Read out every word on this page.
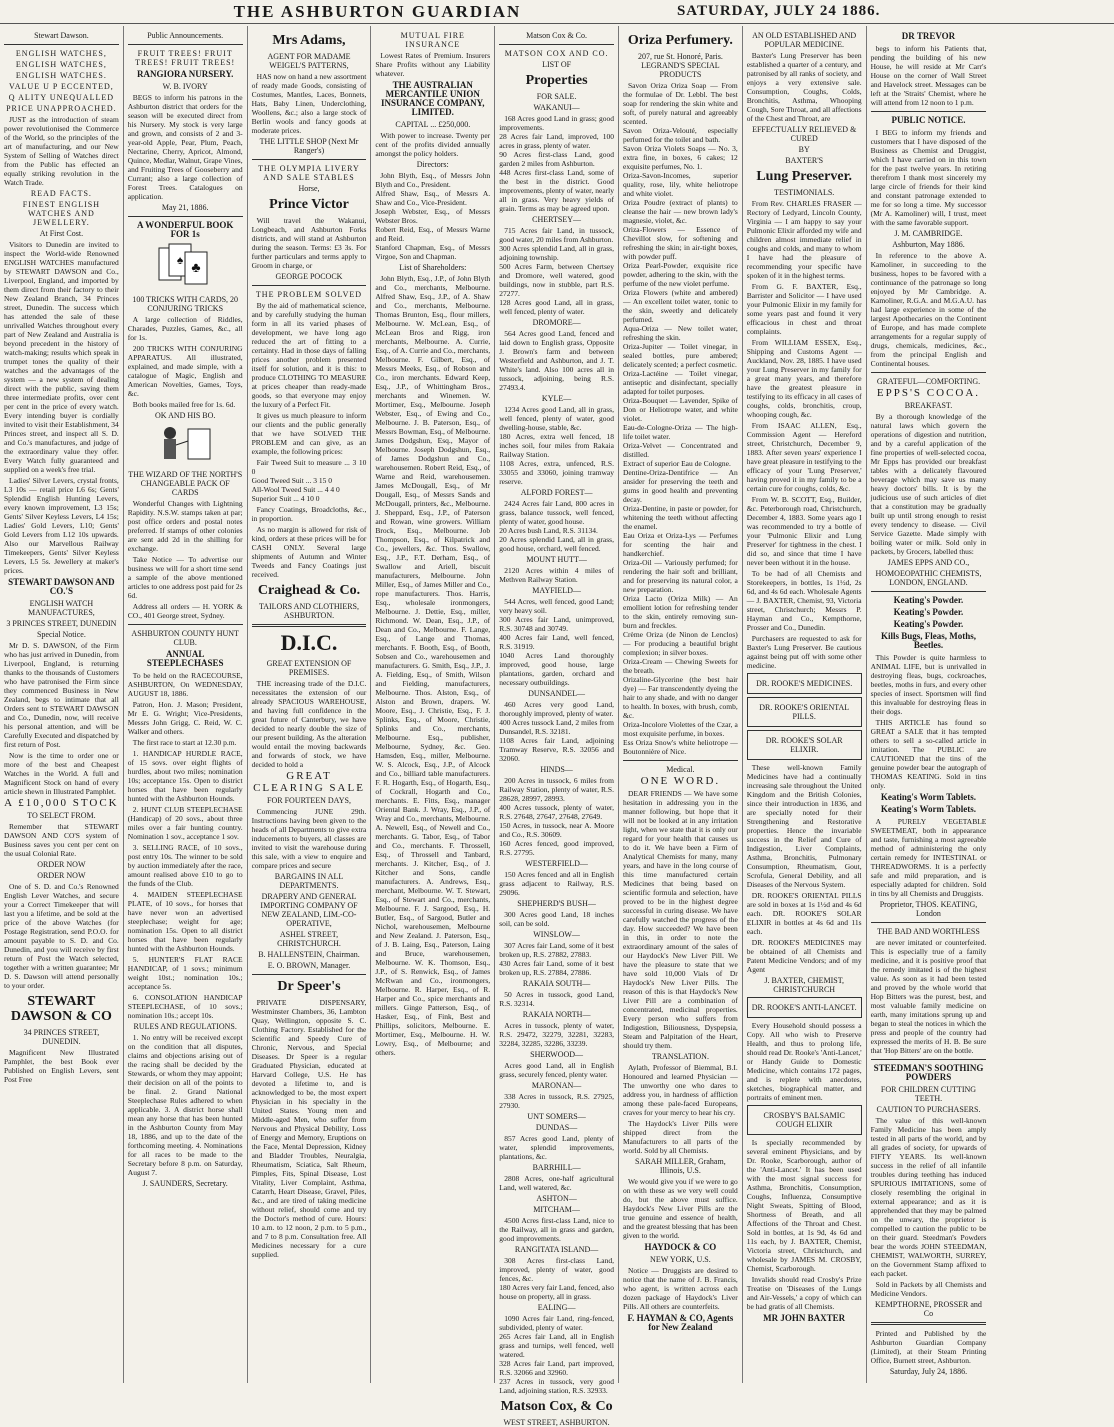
THE ASHBURTON GUARDIAN	SATURDAY, JULY 24 1886.
Stewart Dawson.
ENGLISH WATCHES,
ENGLISH WATCHES,
ENGLISH WATCHES.
VALUE U P ECCENTED,
Q ALITY UNEQUALLED
PRICE UNAPPROACHED.

JUST as the introduction of steam power revolutionised the Commerce of the World, so the principles of the art of manufacturing, and our New System of Selling of Watches direct from the Public has effected an equally striking revolution in the Watch Trade.

READ FACTS.
FINEST ENGLISH WATCHES AND JEWELLERY.
At First Cost.

Visitors to Dunedin are invited to inspect the World-wide Renowned ENGLISH WATCHES manufactured by STEWART DAWSON and Co., Liverpool, England, and imported by them direct from their factory to their New Zealand Branch, 34 Princes street, Dunedin. The success which has attended the sale of these unrivalled Watches throughout every part of New Zealand and Australia is beyond precedent in the history of watch-making; results which speak in trumpet tones the quality of their watches and the advantages of the system — a new system of dealing direct with the public, saving them three intermediate profits, over cent per cent in the price of every watch. Every intending buyer is cordially invited to visit their Establishment, 34 Princes street, and inspect all S. D. and Co.'s manufactures, and judge of the extraordinary value they offer. Every Watch fully guaranteed and supplied on a week's free trial.

Ladies' Silver Levers, crystal fronts, L3 10s — retail price L6 6s; Gents' Splendid English Hunting Levers, every known improvement, L3 15s; Gents' Silver Keyless Levers, L4 15s; Ladies' Gold Levers, L10; Gents' Gold Levers from L12 10s upwards. Also our Marvellous Railway Timekeepers, Gents' Silver Keyless Levers, L5 5s. Jewellery at maker's prices.

STEWART DAWSON AND CO.'S
ENGLISH WATCH MANUFACTURES,
3 PRINCES STREET, DUNEDIN
Special Notice.

Mr D. S. DAWSON, of the Firm who has just arrived in Dunedin, from Liverpool, England, is returning thanks to the thousands of Customers who have patronised the Firm since they commenced Business in New Zealand, begs to intimate that all Orders sent to STEWART DAWSON and Co., Dunedin, now, will receive his personal attention, and will be Carefully Executed and dispatched by first return of Post.

Now is the time to order one or more of the best and Cheapest Watches in the World. A full and Magnificent Stock on hand of every article shewn in Illustrated Pamphlet.

A £10,000 STOCK
TO SELECT FROM.

Remember that STEWART DAWSON AND CO'S system of Business saves you cent per cent on the usual Colonial Rate.

ORDER NOW
ORDER NOW

One of S. D. and Co.'s Renowned English Lever Watches, and secure your a Correct Timekeeper that will last you a lifetime, and be sold at the price of the above Watches (for Postage Registration, send P.O.O. for amount payable to S. D. and Co. Dunedin, and you will receive by first return of Post the Watch selected, together with a written guarantee; Mr D. S. Dawson will attend personally to your order.

STEWART DAWSON & CO
34 PRINCES STREET, DUNEDIN.

Magnificent New Illustrated Pamphlet, the best Book ever Published on English Levers, sent Post Free

Public Announcements.
FRUIT TREES! FRUIT TREES! FRUIT TREES!
RANGIORA NURSERY.
W. B. IVORY

BEGS to inform his patrons in the Ashburton district that orders for the season will be executed direct from his Nursery. My stock is very large and grown, and consists of 2 and 3-year-old Apple, Pear, Plum, Peach, Nectarine, Cherry, Apricot, Almond, Quince, Medlar, Walnut, Grape Vines, and Fruiting Trees of Gooseberry and Currant; also a large collection of Forest Trees. Catalogues on application.

May 21, 1886.
A WONDERFUL BOOK FOR 1s
♣
♠
100 TRICKS WITH CARDS, 20 CONJURING TRICKS

A large collection of Riddles, Charades, Puzzles, Games, &c., all for 1s.

200 TRICKS WITH CONJURING APPARATUS. All illustrated, explained, and made simple, with a catalogue of Magic, English and American Novelties, Games, Toys, &c.

Both books mailed free for 1s. 6d.

OK AND HIS BO.
THE WIZARD OF THE NORTH'S CHANGEABLE PACK OF CARDS

Wonderful Changes with Lightning Rapidity. N.S.W. stamps taken at par; post office orders and postal notes preferred. If stamps of other colonies are sent add 2d in the shilling for exchange.

Take Notice — To advertise our business we will for a short time send a sample of the above mentioned articles to one address post paid for 2s 6d.

Address all orders — H. YORK & CO., 401 George street, Sydney.

ASHBURTON COUNTY HUNT CLUB.
ANNUAL STEEPLECHASES

To be held on the RACECOURSE, ASHBURTON, On WEDNESDAY, AUGUST 18, 1886.

Patron, Hon. J. Mason; President, Mr E. G. Wright; Vice-Presidents, Messrs John Grigg, C. Reid, W. C. Walker and others.

The first race to start at 12.30 p.m.

1. HANDICAP HURDLE RACE, of 15 sovs. over eight flights of hurdles, about two miles; nomination 10s; acceptance 15s. Open to district horses that have been regularly hunted with the Ashburton Hounds.

2. HUNT CLUB STEEPLECHASE (Handicap) of 20 sovs., about three miles over a fair hunting country. Nomination 1 sov., acceptance 1 sov.

3. SELLING RACE, of 10 sovs., post entry 10s. The winner to be sold by auction immediately after the race, amount realised above £10 to go to the funds of the Club.

4. MAIDEN STEEPLECHASE PLATE, of 10 sovs., for horses that have never won an advertised steeplechase; weight for age; nomination 15s. Open to all district horses that have been regularly hunted with the Ashburton Hounds.

5. HUNTER'S FLAT RACE HANDICAP, of 1 sovs.; minimum weight 10st.; nomination 10s.; acceptance 5s.

6. CONSOLATION HANDICAP STEEPLECHASE, of 10 sovs.; nomination 10s.; accept 10s.

RULES AND REGULATIONS.

1. No entry will be received except on the condition that all disputes, claims and objections arising out of the racing shall be decided by the Stewards, or whom they may appoint; their decision on all of the points to be final. 2. Grand National Steeplechase Rules adhered to when applicable. 3. A district horse shall mean any horse that has been hunted in the Ashburton County from May 18, 1886, and up to the date of the forthcoming meeting. 4. Nominations for all races to be made to the Secretary before 8 p.m. on Saturday, August 7.

J. SAUNDERS, Secretary.
Mrs Adams,
AGENT FOR MADAME WEIGEL'S PATTERNS,

HAS now on hand a new assortment of ready made Goods, consisting of Costumes, Mantles, Laces, Bonnets, Hats, Baby Linen, Underclothing, Woollens, &c.; also a large stock of Berlin wools and fancy goods at moderate prices.

THE LITTLE SHOP (Next Mr Ranger's)
THE OLYMPIA LIVERY AND SALE STABLES
Horse,
Prince Victor

Will travel the Wakanui, Longbeach, and Ashburton Forks districts, and will stand at Ashburton during the season. Terms: £3 3s. For further particulars and terms apply to Groom in charge, or

GEORGE POCOCK
THE PROBLEM SOLVED

By the aid of mathematical science, and by carefully studying the human form in all its varied phases of development, we have long ago reduced the art of fitting to a certainty. Had in those days of falling prices another problem presented itself for solution, and it is this: to produce CLOTHING TO MEASURE at prices cheaper than ready-made goods, so that everyone may enjoy the luxury of a Perfect Fit.

It gives us much pleasure to inform our clients and the public generally that we have SOLVED THE PROBLEM and can give, as an example, the following prices:

Fair Tweed Suit to measure ... 3 10 0
Good Tweed Suit ... 3 15 0
All-Wool Tweed Suit ... 4 4 0
Superior Suit ... 4 10 0

Fancy Coatings, Broadcloths, &c., in proportion.

As no margin is allowed for risk of kind, orders at these prices will be for CASH ONLY. Several large shipments of Autumn and Winter Tweeds and Fancy Coatings just received.

Craighead & Co.
TAILORS AND CLOTHIERS, ASHBURTON.
D.I.C.
GREAT EXTENSION OF PREMISES.

THE increasing trade of the D.I.C. necessitates the extension of our already SPACIOUS WAREHOUSE, and having full confidence in the great future of Canterbury, we have decided to nearly double the size of our present building. As the alteration would entail the moving backwards and forwards of stock, we have decided to hold a

GREAT
CLEARING SALE
FOR FOURTEEN DAYS,

Commencing JUNE 29th. Instructions having been given to the heads of all Departments to give extra inducements to buyers, all classes are invited to visit the warehouse during this sale, with a view to enquire and compare prices and secure

BARGAINS IN ALL DEPARTMENTS.
DRAPERY AND GENERAL IMPORTING COMPANY OF NEW ZEALAND, LIM.-CO-OPERATIVE,
ASHEL STREET, CHRISTCHURCH.
B. HALLENSTEIN, Chairman.
E. O. BROWN, Manager.
Dr Speer's

PRIVATE DISPENSARY, Westminster Chambers, 36, Lambton Quay, Wellington, opposite S. C. Clothing Factory. Established for the Scientific and Speedy Cure of Chronic, Nervous, and Special Diseases. Dr Speer is a regular Graduated Physician, educated at Harvard College, U.S. He has devoted a lifetime to, and is acknowledged to be, the most expert Physician in his specialty in the United States. Young men and Middle-aged Men, who suffer from Nervous and Physical Debility, Loss of Energy and Memory, Eruptions on the Face, Mental Depression, Kidney and Bladder Troubles, Neuralgia, Rheumatism, Sciatica, Salt Rheum, Pimples, Fits, Spinal Disease, Lost Vitality, Liver Complaint, Asthma, Catarrh, Heart Disease, Gravel, Piles, &c., and are tired of taking medicine without relief, should come and try the Doctor's method of cure. Hours: 10 a.m. to 12 noon, 2 p.m. to 5 p.m., and 7 to 8 p.m. Consultation free. All Medicines necessary for a cure supplied.

MUTUAL FIRE INSURANCE

Lowest Rates of Premium. Insurers Share Profits without any Liability whatever.

THE AUSTRALIAN MERCANTILE UNION INSURANCE COMPANY, LIMITED.
CAPITAL ... £250,000.

With power to increase. Twenty per cent of the profits divided annually amongst the policy holders.

Directors:

John Blyth, Esq., of Messrs John Blyth and Co., President.
Alfred Shaw, Esq., of Messrs A. Shaw and Co., Vice-President.
Joseph Webster, Esq., of Messrs Webster Bros.
Robert Reid, Esq., of Messrs Warne and Reid.
Stanford Chapman, Esq., of Messrs Virgoe, Son and Chapman.

List of Shareholders:

John Blyth, Esq., J.P., of John Blyth and Co., merchants, Melbourne. Alfred Shaw, Esq., J.P., of A. Shaw and Co., merchants, Melbourne. Thomas Brunton, Esq., flour millers, Melbourne. W. McLean, Esq., of McLean Bros and Rigg, iron merchants, Melbourne. A. Currie, Esq., of A. Currie and Co., merchants, Melbourne. F. Gilbert, Esq., of Messrs Meeks, Esq., of Robson and Co., iron merchants. Edward Keep, Esq., J.P., of Whittingham Bros., merchants and Winemen. W. Mortimer, Esq., Melbourne. Joseph Webster, Esq., of Ewing and Co., Melbourne. J. B. Paterson, Esq., of Messrs Bowman, Esq., of Melbourne. James Dodgshun, Esq., Mayor of Melbourne. Joseph Dodgshun, Esq., of James Dodgshun and Co., warehousemen. Robert Reid, Esq., of Warne and Reid, warehousemen. James McDougall, Esq., of Mr Dougall, Esq., of Messrs Sands and McDougall, printers, &c., Melbourne. J. Sheppard, Esq., J.P., of Paterson and Rowan, wine growers. William Brock, Esq., Melbourne. Job Thompson, Esq., of Kilpatrick and Co., jewellers, &c. Thos. Swallow, Esq., J.P., F.T. Derham, Esq., of Swallow and Ariell, biscuit manufacturers, Melbourne. John Miller, Esq., of James Miller and Co., rope manufacturers. Thos. Harris, Esq., wholesale ironmongers, Melbourne. J. Dettie, Esq., miller, Richmond. W. Dean, Esq., J.P., of Dean and Co., Melbourne. F. Lange, Esq., of Lange and Thomas, merchants. F. Booth, Esq., of Booth, Sobsen and Co., warehousemen and manufacturers. G. Smith, Esq., J.P., J. A. Fielding, Esq., of Smith, Wilson and Fielding, manufacturers, Melbourne. Thos. Alston, Esq., of Alston and Brown, drapers. W. Moore, Esq., J. Christie, Esq., F. J. Splinks, Esq., of Moore, Christie, Splinks and Co., merchants, Melbourne. Esq., publisher, Melbourne, Sydney, &c. Geo. Hamsden, Esq., miller, Melbourne. W. S. Alcock, Esq., J.P., of Alcock and Co., billiard table manufacturers. F. R. Hogarth, Esq., of Hogarth, Esq., of Cockrall, Hogarth and Co., merchants. E. Fitts, Esq., manager Oriental Bank. J. Wray, Esq., J.P., of Wray and Co., merchants, Melbourne. A. Newell, Esq., of Newell and Co., merchants. G. Tabor, Esq., of Tabor and Co., merchants. F. Throssell, Esq., of Throssell and Tanbard, merchants. J. Kitcher, Esq., of J. Kitcher and Sons, candle manufacturers. A. Andrews, Esq., merchant, Melbourne. W. T. Stewart, Esq., of Stewart and Co., merchants, Melbourne. F. J. Sargood, Esq., H. Butler, Esq., of Sargood, Butler and Nichol, warehousemen, Melbourne and New Zealand. J. Paterson, Esq., of J. B. Laing, Esq., Paterson, Laing and Bruce, warehousemen, Melbourne. W. K. Thomson, Esq., J.P., of S. Renwick, Esq., of James McRwan and Co., ironmongers, Melbourne. R. Harper, Esq., of R. Harper and Co., spice merchants and millers. Ginge Patterson, Esq., of Hasker, Esq., of Fink, Best and Phillips, solicitors, Melbourne. E. Mortimer, Esq., Melbourne. H. W. Lowry, Esq., of Melbourne; and others.

Matson Cox & Co.
MATSON COX AND CO.
LIST OF
Properties
FOR SALE.
WAKANUI—

168 Acres good Land in grass; good improvements.
28 Acres fair Land, improved, 100 acres in grass, plenty of water.
90 Acres first-class Land, good garden 2 miles from Ashburton.
448 Acres first-class Land, some of the best in the district. Good improvements, plenty of water, nearly all in grass. Very heavy yields of grain. Terms as may be agreed upon.

CHERTSEY—

715 Acres fair Land, in tussock, good water, 20 miles from Ashburton.
300 Acres splendid Land, all in grass, adjoining township.
500 Acres Farm, between Chertsey and Dromore, well watered, good buildings, now in stubble, part R.S. 27277.
128 Acres good Land, all in grass, well fenced, plenty of water.

DROMORE—

564 Acres good Land, fenced and laid down to English grass, Opposite J. Brown's farm and between Westerfield and Ashburton, and J. T. White's land. Also 100 acres all in tussock, adjoining, being R.S. 27493.4.

KYLE—

1234 Acres good Land, all in grass, well fenced, plenty of water, good dwelling-house, stable, &c.
180 Acres, extra well fenced, 18 inches soil, four miles from Rakaia Railway Station.
1108 Acres, extra, unfenced, R.S. 33055 and 33060, joining tramway reserve.

ALFORD FOREST—

2424 Acres fair Land, 800 acres in grass, balance tussock, well fenced, plenty of water, good house.
20 Acres bush Land, R.S. 31134.
20 Acres splendid Land, all in grass, good house, orchard, well fenced.

MOUNT HUTT—

2120 Acres within 4 miles of Methven Railway Station.

MAYFIELD—

544 Acres, well fenced, good Land; very heavy soil.
300 Acres fair Land, unimproved, R.S. 30748 and 30749.
400 Acres fair Land, well fenced, R.S. 31919.
1040 Acres Land thoroughly improved, good house, large plantations, garden, orchard and necessary outbuildings.

DUNSANDEL—

460 Acres very good Land, thoroughly improved, plenty of water.
400 Acres tussock Land, 2 miles from Dunsandel, R.S. 32181.
1108 Acres fair Land, adjoining Tramway Reserve, R.S. 32056 and 32060.

HINDS—

200 Acres in tussock, 6 miles from Railway Station, plenty of water, R.S. 28628, 28997, 28993.
400 Acres tussock, plenty of water, R.S. 27648, 27647, 27648, 27649.
150 Acres, in tussock, near A. Moore and Co., R.S. 30609.
160 Acres fenced, good improved, R.S. 27795.

WESTERFIELD—

150 Acres fenced and all in English grass adjacent to Railway, R.S. 29096.

SHEPHERD'S BUSH—

300 Acres good Land, 18 inches soil, can be sold.

WINSLOW—

307 Acres fair Land, some of it best broken up, R.S. 27882, 27883.
430 Acres fair Land, some of it best broken up, R.S. 27884, 27886.

RAKAIA SOUTH—

50 Acres in tussock, good Land, R.S. 32314.

RAKAIA NORTH—

Acres in tussock, plenty of water, R.S. 29472, 32279, 32281, 32283, 32284, 32285, 32286, 33239.

SHERWOOD—

Acres good Land, all in English grass, securely fenced, plenty water.

MARONAN—

338 Acres in tussock, R.S. 27925, 27930.

UNT SOMERS—
DUNDAS—

857 Acres good Land, plenty of water, splendid improvements, plantations, &c.

BARRHILL—

2808 Acres, one-half agricultural Land, well watered, &c.

ASHTON—
MITCHAM—

4500 Acres first-class Land, nice to the Railway, all in grass and garden, good improvements.

RANGITATA ISLAND—

308 Acres first-class Land, improved, plenty of water, good fences, &c.
180 Acres very fair Land, fenced, also house on property, all in grass.

EALING—

1090 Acres fair Land, ring-fenced, subdivided, plenty of water.
265 Acres fair Land, all in English grass and turnips, well fenced, well watered.
328 Acres fair Land, part improved, R.S. 32066 and 32960.
237 Acres in tussock, very good Land, adjoining station, R.S. 32933.

Matson Cox, & Co
WEST STREET, ASHBURTON.
Oriza Perfumery.
207, rue St. Honoré, Paris. LEGRAND'S SPECIAL PRODUCTS

Savon Oriza Oriza Soap — From the formulae of Dr. Lebbl. The best soap for rendering the skin white and soft, of purely natural and agreeably scented.
Savon Oriza-Velouté, especially perfumed for the toilet and bath.
Savon Oriza Violets Soaps — No. 3, extra fine, in boxes, 6 cakes; 12 exquisite perfumes, No. 1.
Oriza-Savon-Incomes, superior quality, rose, lily, white heliotrope and white violet.
Oriza Poudre (extract of plants) to cleanse the hair — new brown lady's magnesie, violet, &c.
Oriza-Flowers — Essence of Chevillot slow, for softening and refreshing the skin; in air-tight boxes, with powder puff.
Oriza Pearl-Powder, exquisite rice powder, adhering to the skin, with the perfume of the new violet perfume.
Oriza Flowers (white and ambered) — An excellent toilet water, tonic to the skin, sweetly and delicately perfumed.
Aqua-Oriza — New toilet water, refreshing the skin.
Oriza-Jupiter — Toilet vinegar, in sealed bottles, pure ambered; delicately scented; a perfect cosmetic.
Oriza-Lactéine — Toilet vinegar, antiseptic and disinfectant, specially adapted for toilet purposes.
Oriza-Bouquet — Lavender, Spike of Don or Heliotrope water, and white violet.
Eau-de-Cologne-Oriza — The high-life toilet water.
Oriza-Velvet — Concentrated and distilled.
Extract of superior Eau de Cologne.
Dentine-Oriza-Dentifrice — An ansider for preserving the teeth and gums in good health and preventing decay.
Oriza-Dentine, in paste or powder, for whitening the teeth without affecting the enamel.
Eau Oriza et Oriza-Lys — Perfumes for scenting the hair and handkerchief.
Oriza-Oil — Variously perfumed; for rendering the hair soft and brilliant, and for preserving its natural color, a new preparation.
Oriza Lacto (Oriza Milk) — An emollient lotion for refreshing tender to the skin, entirely removing sun-burn and freckles.
Crème Oriza (de Ninon de Lenclos) — For producing a beautiful bright complexion; in silver boxes.
Oriza-Cream — Chewing Sweets for the breath.
Orizaline-Glycerine (the best hair dye) — Far transcendently dyeing the hair to any shade, and with no danger to health. In boxes, with brush, comb, &c.
Oriza-Incolore Violettes of the Czar, a most exquisite perfume, in boxes.
Ess Oriza Snow's white heliotrope — Boutonnière of Nice.

Medical.
ONE WORD.

DEAR FRIENDS — We have some hesitation in addressing you in the manner following, but hope that it will not be looked at in any irritation light, when we state that it is only our regard for your health that causes us to do it. We have been a Firm of Analytical Chemists for many, many years, and have in the long course of this time manufactured certain Medicines that being based on scientific formula and selection, have proved to be in the highest degree successful in curing disease. We have carefully watched the progress of the day. How succeeded? We have been in this, in order to note the extraordinary amount of the sales of our Haydock's New Liver Pill. We have the pleasure to state that we have sold 10,000 Vials of Dr Haydock's New Liver Pills. The reason of this is that Haydock's New Liver Pill are a combination of concentrated, medicinal properties. Every person who suffers from Indigestion, Biliousness, Dyspepsia, Steam and Palpitation of the Heart, should try them.

TRANSLATION.

Aylath, Professor of Biemmal, B.I. Honoured and learned Physician — The unworthy one who dares to address you, in hardness of affliction among these pale-faced Europeans, craves for your mercy to hear his cry.

The Haydock's Liver Pills were shipped direct from the Manufacturers to all parts of the world. Sold by all Chemists.

SARAH MILLER, Graham, Illinois, U.S.

We would give you if we were to go on with these as we very well could do, but the above must suffice. Haydock's New Liver Pills are the true genuine and essence of health, and the greatest blessing that has been given to the world.

HAYDOCK & CO
NEW YORK, U.S.

Notice — Druggists are desired to notice that the name of J. B. Francis, who agent, is written across each dozen package of Haydock's Liver Pills. All others are counterfeits.

F. HAYMAN & CO, Agents for New Zealand
AN OLD ESTABLISHED AND POPULAR MEDICINE.

Baxter's Lung Preserver has been established a quarter of a century, and patronised by all ranks of society, and enjoys a very extensive sale. Consumption, Coughs, Colds, Bronchitis, Asthma, Whooping Cough, Sore Throat, and all affections of the Chest and Throat, are

EFFECTUALLY RELIEVED & CURED
BY
BAXTER'S
Lung Preserver.
TESTIMONIALS.

From Rev. CHARLES FRASER — Rectory of Ledyard, Lincoln County, Virginia — I am happy to say your Pulmonic Elixir afforded my wife and children almost immediate relief in coughs and colds, and many to whom I have had the pleasure of recommending your specific have spoken of it in the highest terms.

From G. F. BAXTER, Esq., Barrister and Solicitor — I have used your Pulmonic Elixir in my family for some years past and found it very efficacious in chest and throat complaints.

From WILLIAM ESSEX, Esq., Shipping and Customs Agent — Auckland, Nov. 28, 1885. I have used your Lung Preserver in my family for a great many years, and therefore have the greatest pleasure in testifying to its efficacy in all cases of coughs, colds, bronchitis, croup, whooping cough, &c.

From ISAAC ALLEN, Esq., Commission Agent — Hereford street, Christchurch, December 9, 1883. After seven years' experience I have great pleasure in testifying to the efficacy of your 'Lung Preserver,' having proved it in my family to be a certain cure for coughs, colds, &c.

From W. B. SCOTT, Esq., Builder, &c. Peterborough road, Christchurch, December 4, 1883. Some years ago I was recommended to try a bottle of your 'Pulmonic Elixir and Lung Preserver' for tightness in the chest. I did so, and since that time I have never been without it in the house.

To be had of all Chemists and Storekeepers, in bottles, 1s 1½d, 2s 6d, and 4s 6d each. Wholesale Agents — J. BAXTER, Chemist, 93, Victoria street, Christchurch; Messrs P. Hayman and Co., Kempthorne, Prosser and Co., Dunedin.

Purchasers are requested to ask for Baxter's Lung Preserver. Be cautious against being put off with some other medicine.

DR. ROOKE'S MEDICINES.
DR. ROOKE'S ORIENTAL PILLS.
DR. ROOKE'S SOLAR ELIXIR.

These well-known Family Medicines have had a continually increasing sale throughout the United Kingdom and the British Colonies, since their introduction in 1836, and are specially noted for their Strengthening and Restorative properties. Hence the invariable success in the Relief and Cure of Indigestion, Liver Complaints, Asthma, Bronchitis, Pulmonary Consumption, Rheumatism, Gout, Scrofula, General Debility, and all Diseases of the Nervous System.

DR. ROOKE'S ORIENTAL PILLS are sold in boxes at 1s 1½d and 4s 6d each. DR. ROOKE'S SOLAR ELIXIR in bottles at 4s 6d and 11s each.

DR. ROOKE'S MEDICINES may be obtained of all Chemists and Patent Medicine Vendors; and of my Agent

J. BAXTER, CHEMIST, CHRISTCHURCH
DR. ROOKE'S ANTI-LANCET.

Every Household should possess a Copy. All who wish to Preserve Health, and thus to prolong life, should read Dr. Rooke's 'Anti-Lancet,' or Handy Guide to Domestic Medicine, which contains 172 pages, and is replete with anecdotes, sketches, biographical matter, and portraits of eminent men.

CROSBY'S BALSAMIC COUGH ELIXIR

Is specially recommended by several eminent Physicians, and by Dr. Rooke, Scarborough, author of the 'Anti-Lancet.' It has been used with the most signal success for Asthma, Bronchitis, Consumption, Coughs, Influenza, Consumptive Night Sweats, Spitting of Blood, Shortness of Breath, and all Affections of the Throat and Chest. Sold in bottles, at 1s 9d, 4s 6d and 11s each, by J. BAXTER, Chemist, Victoria street, Christchurch, and wholesale by JAMES M. CROSBY, Chemist, Scarborough.

Invalids should read Crosby's Prize Treatise on 'Diseases of the Lungs and Air-Vessels,' a copy of which can be had gratis of all Chemists.

MR JOHN BAXTER
DR TREVOR

begs to inform his Patients that, pending the building of his new House, he will reside at Mr Carr's House on the corner of Wall Street and Havelock street. Messages can be left at the 'Straits' Chemist, where he will attend from 12 noon to 1 p.m.

PUBLIC NOTICE.

I BEG to inform my friends and customers that I have disposed of the Business as Chemist and Druggist, which I have carried on in this town for the past twelve years. In retiring therefrom I thank most sincerely my large circle of friends for their kind and constant patronage extended to me for so long a time. My successor (Mr A. Kamoliner) will, I trust, meet with the same favorable support.

J. M. CAMBRIDGE.
Ashburton, May 1886.

In reference to the above A. Kamoliner, in succeeding to the business, hopes to be favored with a continuance of the patronage so long enjoyed by Mr Cambridge. A. Kamoliner, R.G.A. and M.G.A.U. has had large experience in some of the largest Apothecaries on the Continent of Europe, and has made complete arrangements for a regular supply of drugs, chemicals, medicines, &c., from the principal English and Continental houses.

GRATEFUL—COMFORTING.
EPPS'S COCOA.
BREAKFAST.

By a thorough knowledge of the natural laws which govern the operations of digestion and nutrition, and by a careful application of the fine properties of well-selected cocoa, Mr Epps has provided our breakfast tables with a delicately flavoured beverage which may save us many heavy doctors' bills. It is by the judicious use of such articles of diet that a constitution may be gradually built up until strong enough to resist every tendency to disease. — Civil Service Gazette. Made simply with boiling water or milk. Sold only in packets, by Grocers, labelled thus:

JAMES EPPS AND CO.,
HOMOEOPATHIC CHEMISTS, LONDON, ENGLAND.
Keating's Powder.
Keating's Powder.
Keating's Powder.
Kills Bugs, Fleas, Moths, Beetles.

This Powder is quite harmless to ANIMAL LIFE, but is unrivalled in destroying fleas, bugs, cockroaches, beetles, moths in furs, and every other species of insect. Sportsmen will find this invaluable for destroying fleas in their dogs.

THIS ARTICLE has found so GREAT a SALE that it has tempted others to sell a so-called article in imitation. The PUBLIC are CAUTIONED that the tins of the genuine powder bear the autograph of THOMAS KEATING. Sold in tins only.

Keating's Worm Tablets.
Keating's Worm Tablets.

A PURELY VEGETABLE SWEETMEAT, both in appearance and taste, furnishing a most agreeable method of administering the only certain remedy for INTESTINAL or THREADWORMS. It is a perfectly safe and mild preparation, and is especially adapted for children. Sold in tins by all Chemists and Druggists.

Proprietor, THOS. KEATING, London
THE BAD AND WORTHLESS

are never imitated or counterfeited. This is especially true of a family medicine, and it is positive proof that the remedy imitated is of the highest value. As soon as it had been tested and proved by the whole world that Hop Bitters was the purest, best, and most valuable family medicine on earth, many imitations sprung up and began to steal the notices in which the press and people of the country had expressed the merits of H. B. Be sure that 'Hop Bitters' are on the bottle.

STEEDMAN'S SOOTHING POWDERS
FOR CHILDREN CUTTING TEETH.
CAUTION TO PURCHASERS.

The value of this well-known Family Medicine has been amply tested in all parts of the world, and by all grades of society, for upwards of FIFTY YEARS. Its well-known success in the relief of all infantile troubles during teething has induced SPURIOUS IMITATIONS, some of closely resembling the original in external appearance; and as it is apprehended that they may be palmed on the unwary, the proprietor is compelled to caution the public to be on their guard. Steedman's Powders bear the words JOHN STEEDMAN, CHEMIST, WALWORTH, SURREY, on the Government Stamp affixed to each packet.

Sold in Packets by all Chemists and Medicine Vendors.

KEMPTHORNE, PROSSER and Co

Printed and Published by the Ashburton Guardian Company (Limited), at their Steam Printing Office, Burnett street, Ashburton.

Saturday, July 24, 1886.
